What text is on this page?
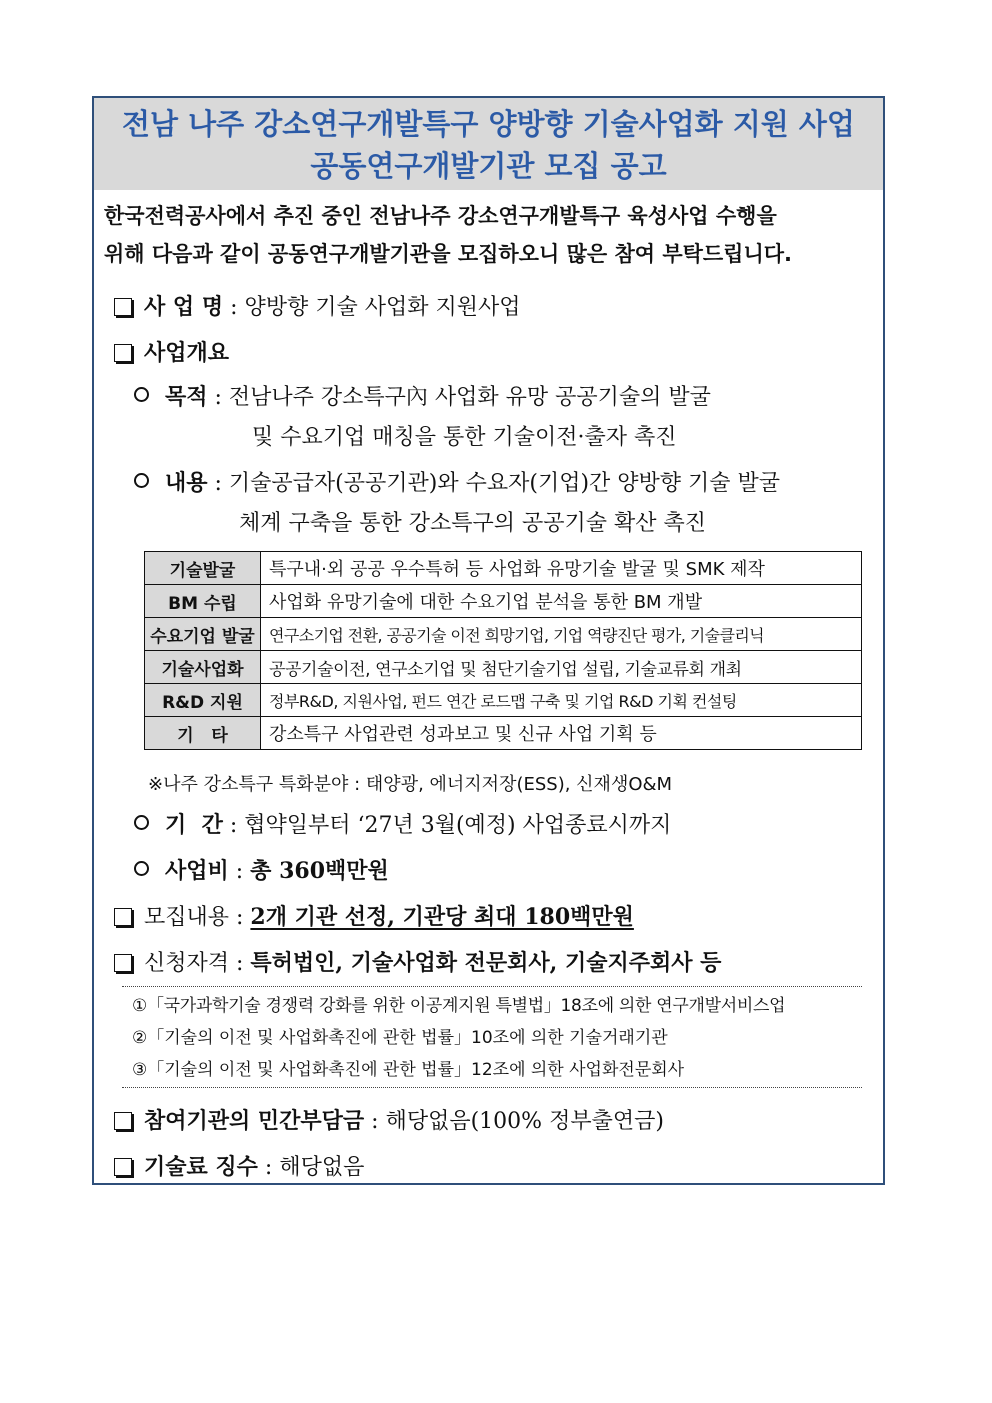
전남 나주 강소연구개발특구 양방향 기술사업화 지원 사업
공동연구개발기관 모집 공고
한국전력공사에서 추진 중인 전남나주 강소연구개발특구 육성사업 수행을
위해 다음과 같이 공동연구개발기관을 모집하오니 많은 참여 부탁드립니다.
사 업 명 : 양방향 기술 사업화 지원사업
사업개요
목적 : 전남나주 강소특구內 사업화 유망 공공기술의 발굴
및 수요기업 매칭을 통한 기술이전·출자 촉진
내용 : 기술공급자(공공기관)와 수요자(기업)간 양방향 기술 발굴
체계 구축을 통한 강소특구의 공공기술 확산 촉진
기술발굴	특구내·외 공공 우수특허 등 사업화 유망기술 발굴 및 SMK 제작
BM 수립	사업화 유망기술에 대한 수요기업 분석을 통한 BM 개발
수요기업 발굴	연구소기업 전환, 공공기술 이전 희망기업, 기업 역량진단 평가, 기술클리닉
기술사업화	공공기술이전, 연구소기업 및 첨단기술기업 설립, 기술교류회 개최
R&D 지원	정부R&D, 지원사업, 펀드 연간 로드맵 구축 및 기업 R&D 기획 컨설팅
기   타	강소특구 사업관련 성과보고 및 신규 사업 기획 등
※나주 강소특구 특화분야 : 태양광, 에너지저장(ESS), 신재생O&M
기  간 : 협약일부터 ‘27년 3월(예정) 사업종료시까지
사업비 : 총 360백만원
모집내용 : 2개 기관 선정, 기관당 최대 180백만원
신청자격 : 특허법인, 기술사업화 전문회사, 기술지주회사 등
①「국가과학기술 경쟁력 강화를 위한 이공계지원 특별법」18조에 의한 연구개발서비스업
②「기술의 이전 및 사업화촉진에 관한 법률」10조에 의한 기술거래기관
③「기술의 이전 및 사업화촉진에 관한 법률」12조에 의한 사업화전문회사
참여기관의 민간부담금 : 해당없음(100% 정부출연금)
기술료 징수 : 해당없음
